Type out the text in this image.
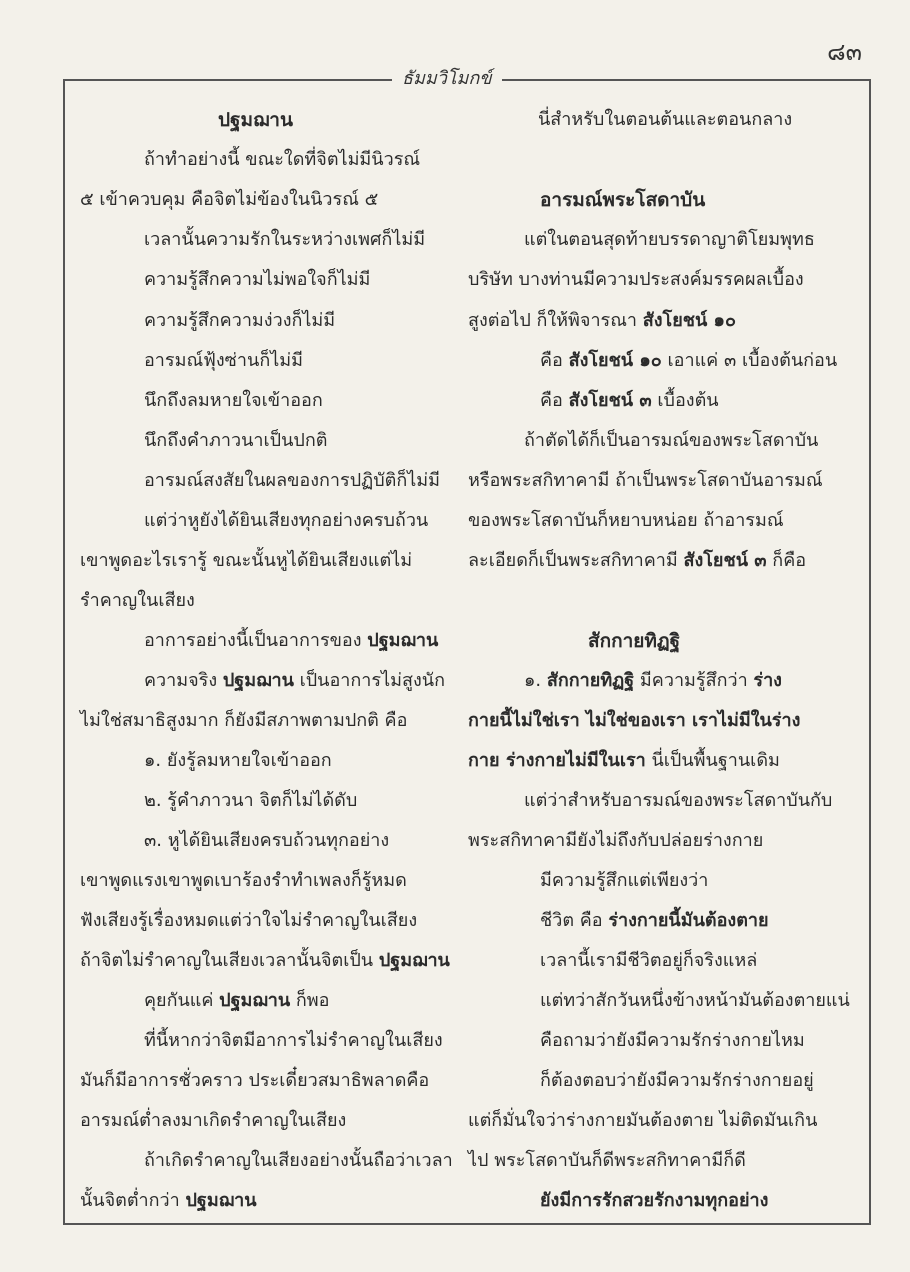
๘๓
ธัมมวิโมกข์
ปฐมฌาน
ถ้าทำอย่างนี้ ขณะใดที่จิตไม่มีนิวรณ์
๕ เข้าควบคุม คือจิตไม่ข้องในนิวรณ์ ๕
เวลานั้นความรักในระหว่างเพศก็ไม่มี
ความรู้สึกความไม่พอใจก็ไม่มี
ความรู้สึกความง่วงก็ไม่มี
อารมณ์ฟุ้งซ่านก็ไม่มี
นึกถึงลมหายใจเข้าออก
นึกถึงคำภาวนาเป็นปกติ
อารมณ์สงสัยในผลของการปฏิบัติก็ไม่มี
แต่ว่าหูยังได้ยินเสียงทุกอย่างครบถ้วน
เขาพูดอะไรเรารู้ ขณะนั้นหูได้ยินเสียงแต่ไม่
รำคาญในเสียง
อาการอย่างนี้เป็นอาการของ ปฐมฌาน
ความจริง ปฐมฌาน เป็นอาการไม่สูงนัก
ไม่ใช่สมาธิสูงมาก ก็ยังมีสภาพตามปกติ คือ
๑. ยังรู้ลมหายใจเข้าออก
๒. รู้คำภาวนา จิตก็ไม่ได้ดับ
๓. หูได้ยินเสียงครบถ้วนทุกอย่าง
เขาพูดแรงเขาพูดเบาร้องรำทำเพลงก็รู้หมด
ฟังเสียงรู้เรื่องหมดแต่ว่าใจไม่รำคาญในเสียง
ถ้าจิตไม่รำคาญในเสียงเวลานั้นจิตเป็น ปฐมฌาน
คุยกันแค่ ปฐมฌาน ก็พอ
ที่นี้หากว่าจิตมีอาการไม่รำคาญในเสียง
มันก็มีอาการชั่วคราว ประเดี๋ยวสมาธิพลาดคือ
อารมณ์ต่ำลงมาเกิดรำคาญในเสียง
ถ้าเกิดรำคาญในเสียงอย่างนั้นถือว่าเวลา
นั้นจิตต่ำกว่า ปฐมฌาน
นี่สำหรับในตอนต้นและตอนกลาง
อารมณ์พระโสดาบัน
แต่ในตอนสุดท้ายบรรดาญาติโยมพุทธ
บริษัท บางท่านมีความประสงค์มรรคผลเบื้อง
สูงต่อไป ก็ให้พิจารณา สังโยชน์ ๑๐
คือ สังโยชน์ ๑๐ เอาแค่ ๓ เบื้องต้นก่อน
คือ สังโยชน์ ๓ เบื้องต้น
ถ้าตัดได้ก็เป็นอารมณ์ของพระโสดาบัน
หรือพระสกิทาคามี ถ้าเป็นพระโสดาบันอารมณ์
ของพระโสดาบันก็หยาบหน่อย ถ้าอารมณ์
ละเอียดก็เป็นพระสกิทาคามี สังโยชน์ ๓ ก็คือ
สักกายทิฏฐิ
๑. สักกายทิฏฐิ มีความรู้สึกว่า ร่าง
กายนี้ไม่ใช่เรา ไม่ใช่ของเรา เราไม่มีในร่าง
กาย ร่างกายไม่มีในเรา นี่เป็นพื้นฐานเดิม
แต่ว่าสำหรับอารมณ์ของพระโสดาบันกับ
พระสกิทาคามียังไม่ถึงกับปล่อยร่างกาย
มีความรู้สึกแต่เพียงว่า
ชีวิต คือ ร่างกายนี้มันต้องตาย
เวลานี้เรามีชีวิตอยู่ก็จริงแหล่
แต่ทว่าสักวันหนึ่งข้างหน้ามันต้องตายแน่
คือถามว่ายังมีความรักร่างกายไหม
ก็ต้องตอบว่ายังมีความรักร่างกายอยู่
แต่ก็มั่นใจว่าร่างกายมันต้องตาย ไม่ติดมันเกิน
ไป พระโสดาบันก็ดีพระสกิทาคามีก็ดี
ยังมีการรักสวยรักงามทุกอย่าง
